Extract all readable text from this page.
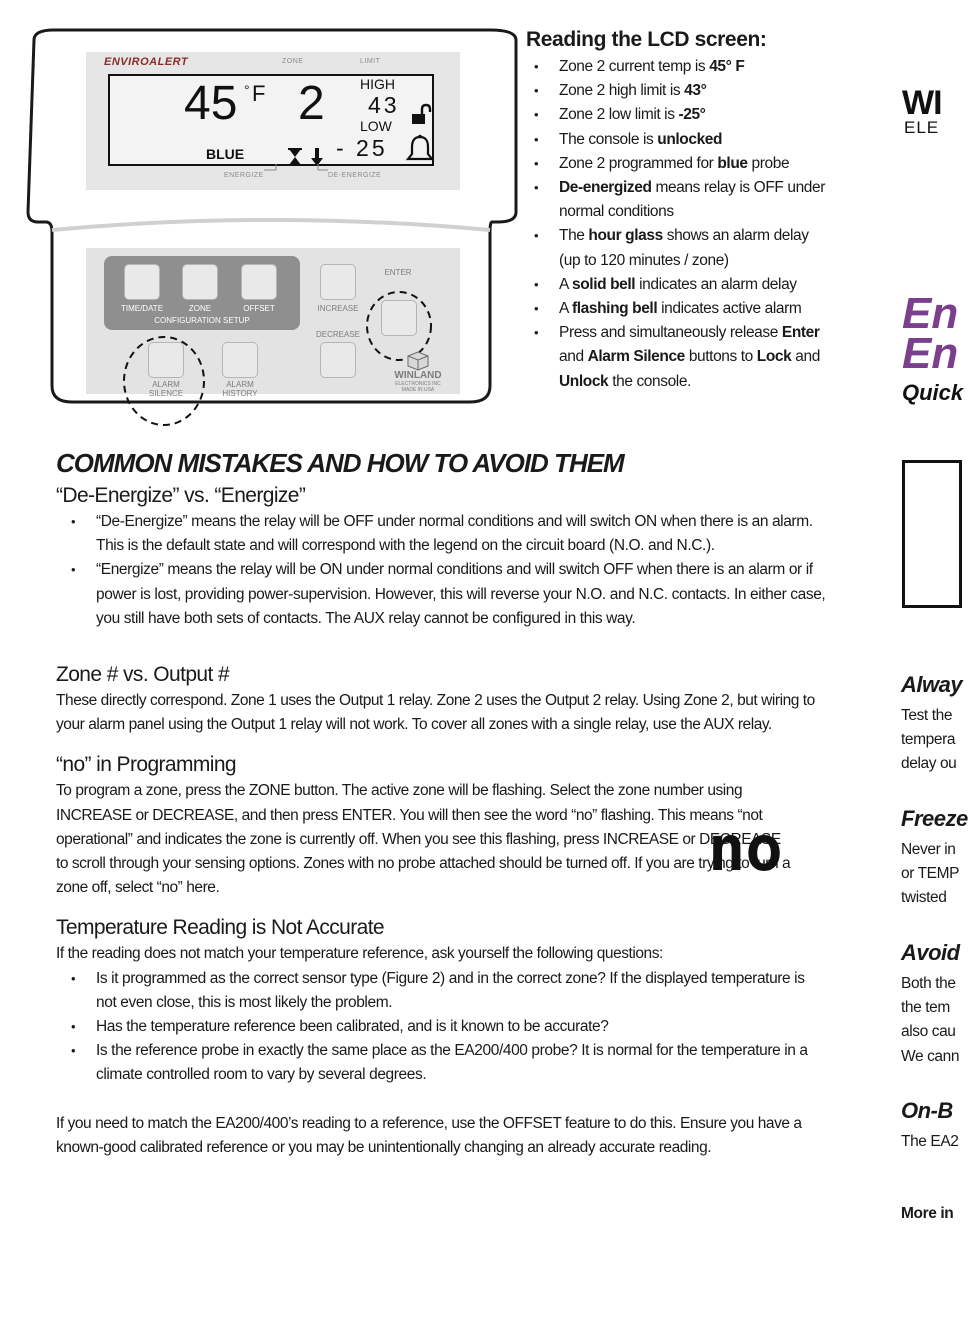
ENVIROALERT	ZONE	LIMIT
45 ° F 2	HIGH
43
LOW
- 25
BLUE
ENERGIZE	DE-ENERGIZE
TIME/DATE	ZONE	OFFSET
CONFIGURATION SETUP
INCREASE
DECREASE
ENTER
ALARM SILENCE
ALARM HISTORY
WINLAND
ELECTRONICS INC
MADE IN USA
Reading the LCD screen:
• Zone 2 current temp is 45° F
• Zone 2 high limit is 43°
• Zone 2 low limit is -25°
• The console is unlocked
• Zone 2 programmed for blue probe
• De-energized means relay is OFF under normal conditions
• The hour glass shows an alarm delay (up to 120 minutes / zone)
• A solid bell indicates an alarm delay
• A flashing bell indicates active alarm
• Press and simultaneously release Enter and Alarm Silence buttons to Lock and Unlock the console.
COMMON MISTAKES AND HOW TO AVOID THEM
“De-Energize” vs. “Energize”
• “De-Energize” means the relay will be OFF under normal conditions and will switch ON when there is an alarm. This is the default state and will correspond with the legend on the circuit board (N.O. and N.C.).
• “Energize” means the relay will be ON under normal conditions and will switch OFF when there is an alarm or if power is lost, providing power-supervision. However, this will reverse your N.O. and N.C. contacts. In either case, you still have both sets of contacts. The AUX relay cannot be configured in this way.
Zone # vs. Output #

These directly correspond. Zone 1 uses the Output 1 relay. Zone 2 uses the Output 2 relay. Using Zone 2, but wiring to your alarm panel using the Output 1 relay will not work. To cover all zones with a single relay, use the AUX relay.

“no” in Programming

To program a zone, press the ZONE button. The active zone will be flashing. Select the zone number using INCREASE or DECREASE, and then press ENTER. You will then see the word “no” flashing. This means “not operational” and indicates the zone is currently off. When you see this flashing, press INCREASE or DECREASE to scroll through your sensing options. Zones with no probe attached should be turned off. If you are trying to turn a zone off, select “no” here.

Temperature Reading is Not Accurate

If the reading does not match your temperature reference, ask yourself the following questions:

• Is it programmed as the correct sensor type (Figure 2) and in the correct zone? If the displayed temperature is not even close, this is most likely the problem.
• Has the temperature reference been calibrated, and is it known to be accurate?
• Is the reference probe in exactly the same place as the EA200/400 probe? It is normal for the temperature in a climate controlled room to vary by several degrees.

If you need to match the EA200/400’s reading to a reference, use the OFFSET feature to do this. Ensure you have a known-good calibrated reference or you may be unintentionally changing an already accurate reading.

no
WI
ELE
En
En
Quick
Alway
Test the
tempera
delay ou
Freeze
Never in
or TEMP
twisted
Avoid
Both the
the tem
also cau
We cann
On-B
The EA2
More in
